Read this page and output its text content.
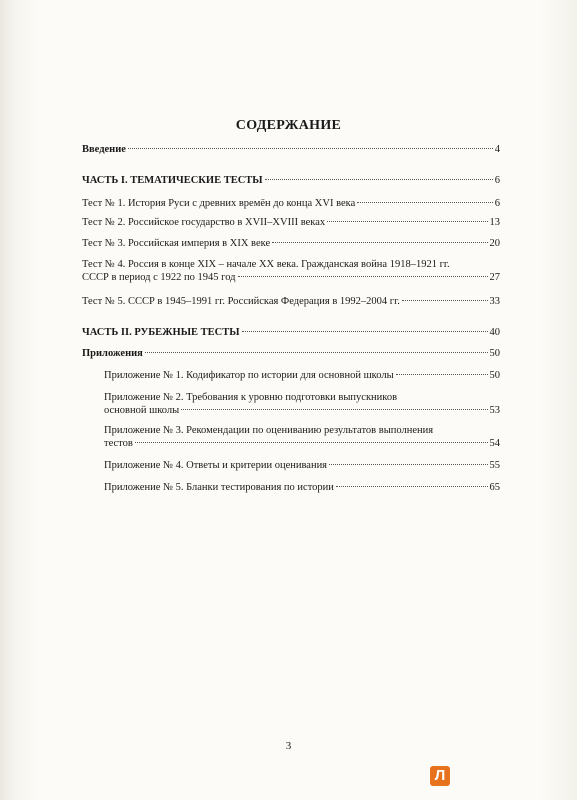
СОДЕРЖАНИЕ
Введение	4
ЧАСТЬ I. ТЕМАТИЧЕСКИЕ ТЕСТЫ	6
Тест № 1. История Руси с древних времён до конца XVI века	6
Тест № 2. Российское государство в XVII–XVIII веках	13
Тест № 3. Российская империя в XIX веке	20
Тест № 4. Россия в конце XIX – начале XX века. Гражданская война 1918–1921 гг.
СССР в период с 1922 по 1945 год	27
Тест № 5. СССР в 1945–1991 гг. Российская Федерация в 1992–2004 гг.	33
ЧАСТЬ II. РУБЕЖНЫЕ ТЕСТЫ	40
Приложения	50
Приложение № 1. Кодификатор по истории для основной школы	50
Приложение № 2. Требования к уровню подготовки выпускников
основной школы	53
Приложение № 3. Рекомендации по оцениванию результатов выполнения
тестов	54
Приложение № 4. Ответы и критерии оценивания	55
Приложение № 5. Бланки тестирования по истории	65
3
Л
